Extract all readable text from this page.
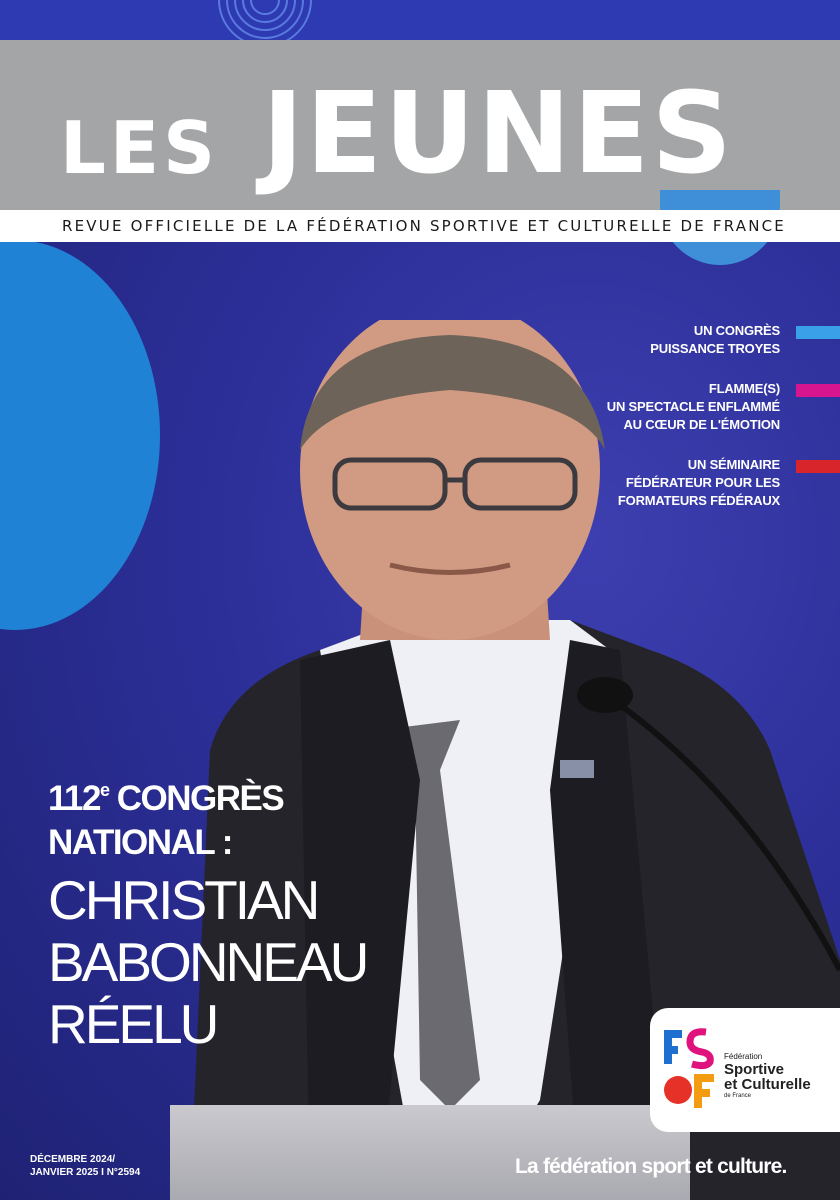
LES JEUNES
REVUE OFFICIELLE DE LA FÉDÉRATION SPORTIVE ET CULTURELLE DE FRANCE
UN CONGRÈS
PUISSANCE TROYES
FLAMME(S)
UN SPECTACLE ENFLAMMÉ
AU CŒUR DE L'ÉMOTION
UN SÉMINAIRE
FÉDÉRATEUR POUR LES
FORMATEURS FÉDÉRAUX
112e CONGRÈS
NATIONAL :
CHRISTIAN
BABONNEAU
RÉELU
Fédération
Sportive
et Culturelle
de France
DÉCEMBRE 2024/
JANVIER 2025 I N°2594	La fédération sport et culture.
